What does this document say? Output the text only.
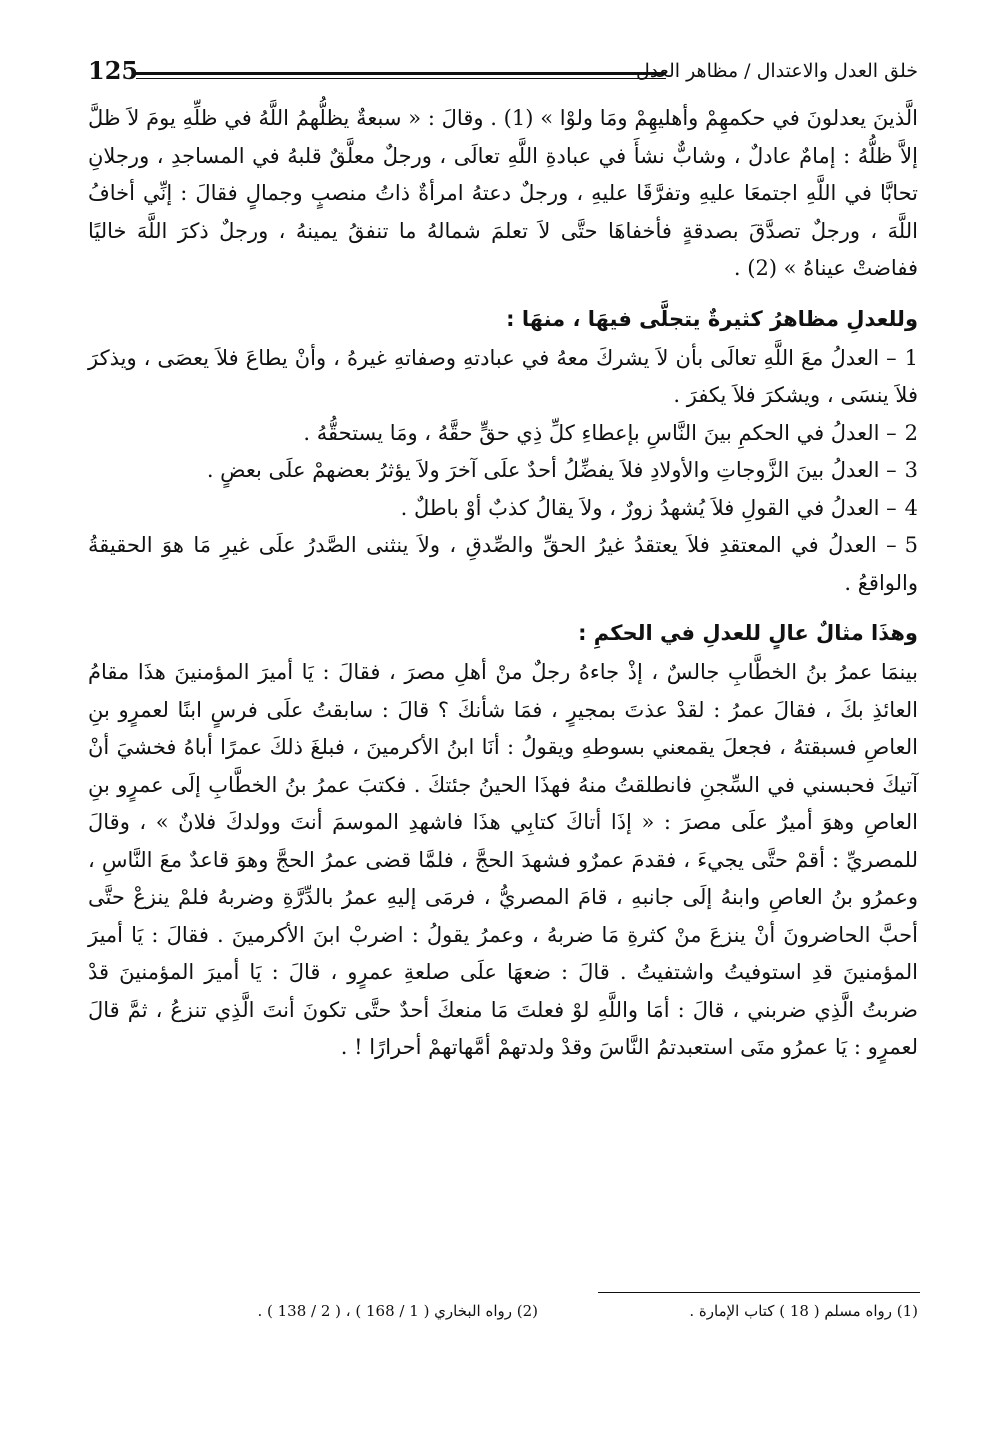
125	خلق العدل والاعتدال / مظاهر العدل

الَّذينَ يعدلونَ في حكمهِمْ وأهليهِمْ ومَا ولوْا » (1) . وقالَ : « سبعةٌ يظلُّهمُ اللَّهُ في ظلِّهِ يومَ لاَ ظلَّ إلاَّ ظلُّهُ : إمامٌ عادلٌ ، وشابٌّ نشأَ في عبادةِ اللَّهِ تعالَى ، ورجلٌ معلَّقٌ قلبهُ في المساجدِ ، ورجلانِ تحابَّا في اللَّهِ اجتمعَا عليهِ وتفرَّقَا عليهِ ، ورجلٌ دعتهُ امرأةٌ ذاتُ منصبٍ وجمالٍ فقالَ : إنِّي أخافُ اللَّهَ ، ورجلٌ تصدَّقَ بصدقةٍ فأخفاهَا حتَّى لاَ تعلمَ شمالهُ ما تنفقُ يمينهُ ، ورجلٌ ذكرَ اللَّهَ خاليًا ففاضتْ عيناهُ » (2) .

وللعدلِ مظاهرُ كثيرةٌ يتجلَّى فيهَا ، منهَا :

1– العدلُ معَ اللَّهِ تعالَى بأن لاَ يشركَ معهُ في عبادتهِ وصفاتهِ غيرهُ ، وأنْ يطاعَ فلاَ يعصَى ، ويذكرَ فلاَ ينسَى ، ويشكرَ فلاَ يكفرَ .

2– العدلُ في الحكمِ بينَ النَّاسِ بإعطاءِ كلِّ ذِي حقٍّ حقَّهُ ، ومَا يستحقُّهُ .

3– العدلُ بينَ الزَّوجاتِ والأولادِ فلاَ يفضِّلُ أحدٌ علَى آخرَ ولاَ يؤثرُ بعضهمْ علَى بعضٍ .

4– العدلُ في القولِ فلاَ يُشهدُ زورٌ ، ولاَ يقالُ كذبٌ أوْ باطلٌ .

5– العدلُ في المعتقدِ فلاَ يعتقدُ غيرُ الحقِّ والصِّدقِ ، ولاَ ينثنى الصَّدرُ علَى غيرِ مَا هوَ الحقيقةُ والواقعُ .

وهذَا مثالٌ عالٍ للعدلِ في الحكمِ :

بينمَا عمرُ بنُ الخطَّابِ جالسٌ ، إذْ جاءهُ رجلٌ منْ أهلِ مصرَ ، فقالَ : يَا أميرَ المؤمنينَ هذَا مقامُ العائذِ بكَ ، فقالَ عمرُ : لقدْ عذتَ بمجيرٍ ، فمَا شأنكَ ؟ قالَ : سابقتُ علَى فرسٍ ابنًا لعمرٍو بنِ العاصِ فسبقتهُ ، فجعلَ يقمعني بسوطهِ ويقولُ : أنَا ابنُ الأكرمينَ ، فبلغَ ذلكَ عمرًا أباهُ فخشيَ أنْ آتيكَ فحبسني في السِّجنِ فانطلقتُ منهُ فهذَا الحينُ جئتكَ . فكتبَ عمرُ بنُ الخطَّابِ إلَى عمرٍو بنِ العاصِ وهوَ أميرٌ علَى مصرَ : « إذَا أتاكَ كتابِي هذَا فاشهدِ الموسمَ أنتَ وولدكَ فلانٌ » ، وقالَ للمصريِّ : أقمْ حتَّى يجيءَ ، فقدمَ عمرٌو فشهدَ الحجَّ ، فلمَّا قضى عمرُ الحجَّ وهوَ قاعدٌ معَ النَّاسِ ، وعمرُو بنُ العاصِ وابنهُ إلَى جانبهِ ، قامَ المصريُّ ، فرمَى إليهِ عمرُ بالدِّرَّةِ وضربهُ فلمْ ينزعْ حتَّى أحبَّ الحاضرونَ أنْ ينزعَ منْ كثرةِ مَا ضربهُ ، وعمرُ يقولُ : اضربْ ابنَ الأكرمينَ . فقالَ : يَا أميرَ المؤمنينَ قدِ استوفيتُ واشتفيتُ . قالَ : ضعهَا علَى صلعةِ عمرٍو ، قالَ : يَا أميرَ المؤمنينَ قدْ ضربتُ الَّذِي ضربني ، قالَ : أمَا واللَّهِ لوْ فعلتَ مَا منعكَ أحدٌ حتَّى تكونَ أنتَ الَّذِي تنزعُ ، ثمَّ قالَ لعمرٍو : يَا عمرُو متَى استعبدتمُ النَّاسَ وقدْ ولدتهمْ أمَّهاتهمْ أحرارًا ! .

(1) رواه مسلم ( 18 ) كتاب الإمارة .
(2) رواه البخاري ( 1 / 168 ) ، ( 2 / 138 ) .
